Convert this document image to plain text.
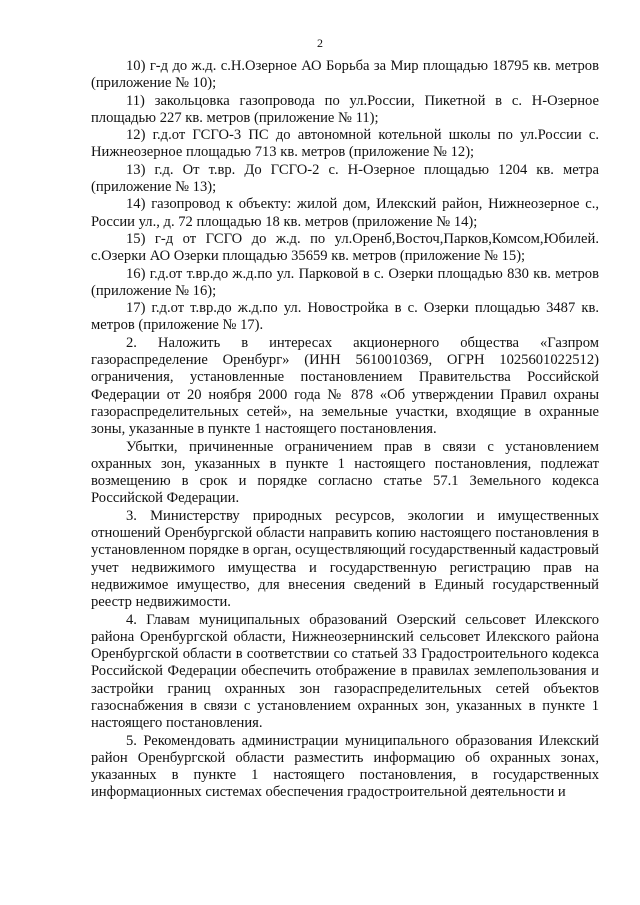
2

10) г-д до ж.д. с.Н.Озерное АО Борьба за Мир площадью 18795 кв. метров (приложение № 10);

11) закольцовка газопровода по ул.России, Пикетной в с. Н-Озерное площадью 227 кв. метров (приложение № 11);

12) г.д.от ГСГО-3 ПС до автономной котельной школы по ул.России с. Нижнеозерное площадью 713 кв. метров (приложение № 12);

13) г.д. От т.вр. До ГСГО-2 с. Н-Озерное площадью 1204 кв. метра (приложение № 13);

14) газопровод к объекту: жилой дом, Илекский район, Нижнеозерное с., России ул., д. 72 площадью 18 кв. метров (приложение № 14);

15) г-д от ГСГО до ж.д. по ул.Оренб,Восточ,Парков,Комсом,Юбилей. с.Озерки АО Озерки площадью 35659 кв. метров (приложение № 15);

16) г.д.от т.вр.до ж.д.по ул. Парковой в с. Озерки площадью 830 кв. метров (приложение № 16);

17) г.д.от т.вр.до ж.д.по ул. Новостройка в с. Озерки площадью 3487 кв. метров (приложение № 17).

2. Наложить в интересах акционерного общества «Газпром газораспределение Оренбург» (ИНН 5610010369, ОГРН 1025601022512) ограничения, установленные постановлением Правительства Российской Федерации от 20 ноября 2000 года № 878 «Об утверждении Правил охраны газораспределительных сетей», на земельные участки, входящие в охранные зоны, указанные в пункте 1 настоящего постановления.

Убытки, причиненные ограничением прав в связи с установлением охранных зон, указанных в пункте 1 настоящего постановления, подлежат возмещению в срок и порядке согласно статье 57.1 Земельного кодекса Российской Федерации.

3. Министерству природных ресурсов, экологии и имущественных отношений Оренбургской области направить копию настоящего постановления в установленном порядке в орган, осуществляющий государственный кадастровый учет недвижимого имущества и государственную регистрацию прав на недвижимое имущество, для внесения сведений в Единый государственный реестр недвижимости.

4. Главам муниципальных образований Озерский сельсовет Илекского района Оренбургской области, Нижнеозернинский сельсовет Илекского района Оренбургской области в соответствии со статьей 33 Градостроительного кодекса Российской Федерации обеспечить отображение в правилах землепользования и застройки границ охранных зон газораспределительных сетей объектов газоснабжения в связи с установлением охранных зон, указанных в пункте 1 настоящего постановления.

5. Рекомендовать администрации муниципального образования Илекский район Оренбургской области разместить информацию об охранных зонах, указанных в пункте 1 настоящего постановления, в государственных информационных системах обеспечения градостроительной деятельности и
